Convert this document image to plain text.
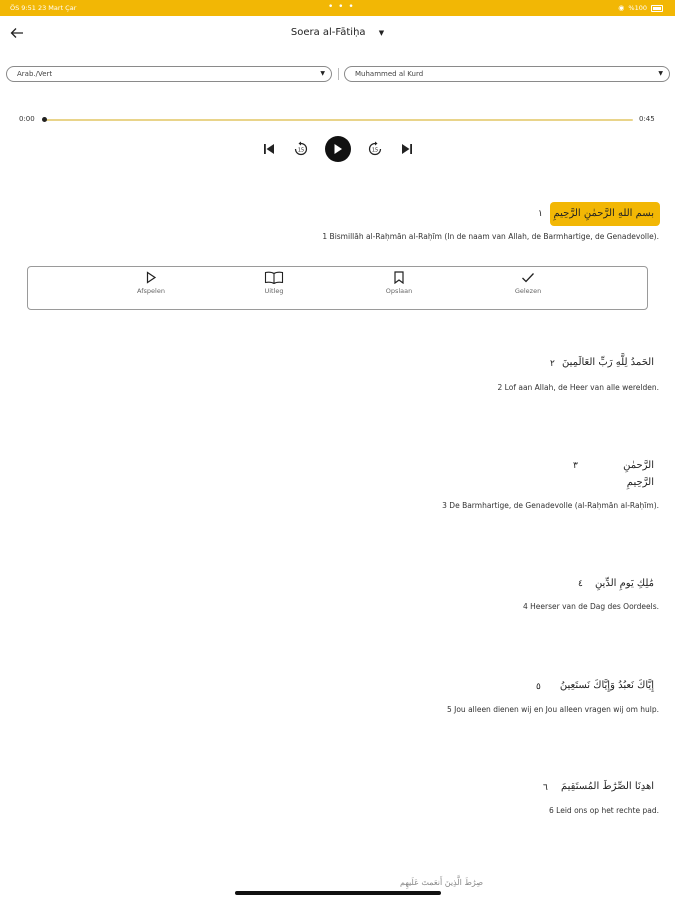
ÖS 9:51 23 Mart Çar	• • •	◉ %100
Soera al-Fātiḥa ▼
Arab./Vert	▼	Muhammed al Kurd	▼
0:00	0:45
15	15
بسم اللهِ الرَّحمٰنِ الرَّحِيمِ
١
1 Bismillāh al-Raḥmān al-Raḥīm (In de naam van Allah, de Barmhartige, de Genadevolle).
Afspelen	Uitleg	Opslaan	Gelezen
الحَمدُ لِلَّهِ رَبِّ العَالَمِينَ
٢
2 Lof aan Allah, de Heer van alle werelden.
الرَّحمٰنِ
الرَّحِيمِ
٣
3 De Barmhartige, de Genadevolle (al-Raḥmān al-Raḥīm).
مَٰلِكِ يَومِ الدِّينِ
٤
4 Heerser van de Dag des Oordeels.
إِيَّاكَ نَعبُدُ وَإِيَّاكَ نَستَعِينُ
٥
5 Jou alleen dienen wij en Jou alleen vragen wij om hulp.
اهدِنَا الصِّرَٰطَ المُستَقِيمَ
٦
6 Leid ons op het rechte pad.
صِرَٰطَ الَّذِينَ أَنعَمتَ عَلَيهِم
